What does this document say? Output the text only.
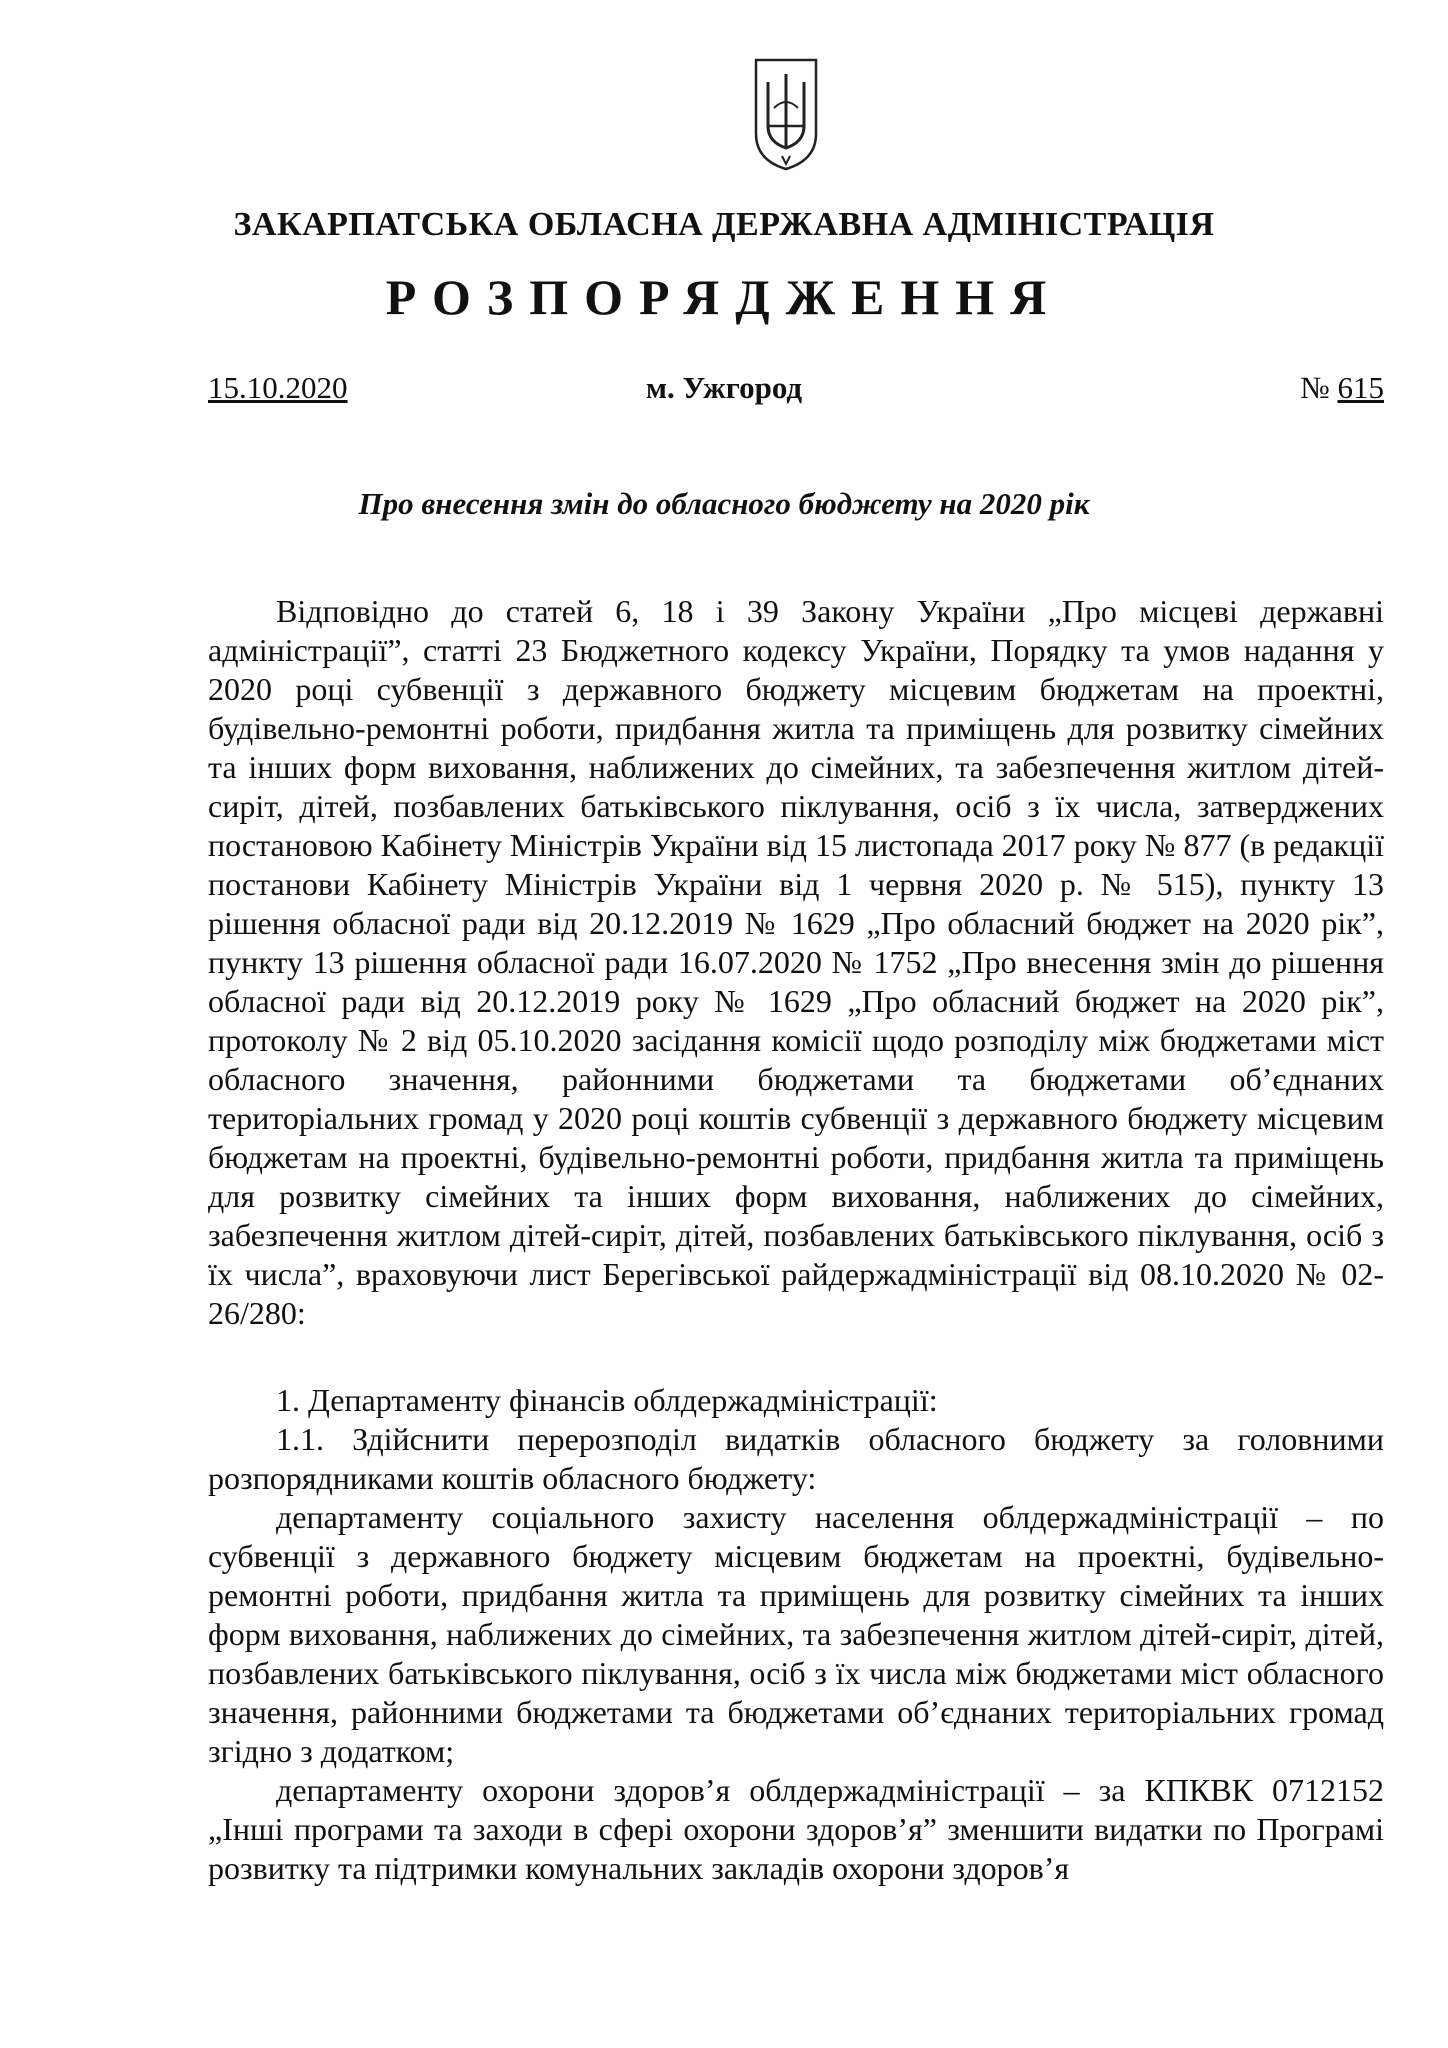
ЗАКАРПАТСЬКА ОБЛАСНА ДЕРЖАВНА АДМІНІСТРАЦІЯ
РОЗПОРЯДЖЕННЯ
15.10.2020	м. Ужгород	№ 615
Про внесення змін до обласного бюджету на 2020 рік

Відповідно до статей 6, 18 і 39 Закону України „Про місцеві державні адміністрації”, статті 23 Бюджетного кодексу України, Порядку та умов надання у 2020 році субвенції з державного бюджету місцевим бюджетам на проектні, будівельно-ремонтні роботи, придбання житла та приміщень для розвитку сімейних та інших форм виховання, наближених до сімейних, та забезпечення житлом дітей-сиріт, дітей, позбавлених батьківського піклування, осіб з їх числа, затверджених постановою Кабінету Міністрів України від 15 листопада 2017 року № 877 (в редакції постанови Кабінету Міністрів України від 1 червня 2020 р. № 515), пункту 13 рішення обласної ради від 20.12.2019 № 1629 „Про обласний бюджет на 2020 рік”, пункту 13 рішення обласної ради 16.07.2020 № 1752 „Про внесення змін до рішення обласної ради від 20.12.2019 року № 1629 „Про обласний бюджет на 2020 рік”, протоколу № 2 від 05.10.2020 засідання комісії щодо розподілу між бюджетами міст обласного значення, районними бюджетами та бюджетами об’єднаних територіальних громад у 2020 році коштів субвенції з державного бюджету місцевим бюджетам на проектні, будівельно-ремонтні роботи, придбання житла та приміщень для розвитку сімейних та інших форм виховання, наближених до сімейних, забезпечення житлом дітей-сиріт, дітей, позбавлених батьківського піклування, осіб з їх числа”, враховуючи лист Берегівської райдержадміністрації від 08.10.2020 № 02-26/280:

1. Департаменту фінансів облдержадміністрації:

1.1. Здійснити перерозподіл видатків обласного бюджету за головними розпорядниками коштів обласного бюджету:

департаменту соціального захисту населення облдержадміністрації – по субвенції з державного бюджету місцевим бюджетам на проектні, будівельно-ремонтні роботи, придбання житла та приміщень для розвитку сімейних та інших форм виховання, наближених до сімейних, та забезпечення житлом дітей-сиріт, дітей, позбавлених батьківського піклування, осіб з їх числа між бюджетами міст обласного значення, районними бюджетами та бюджетами об’єднаних територіальних громад згідно з додатком;

департаменту охорони здоров’я облдержадміністрації – за КПКВК 0712152 „Інші програми та заходи в сфері охорони здоров’я” зменшити видатки по Програмі розвитку та підтримки комунальних закладів охорони здоров’я
